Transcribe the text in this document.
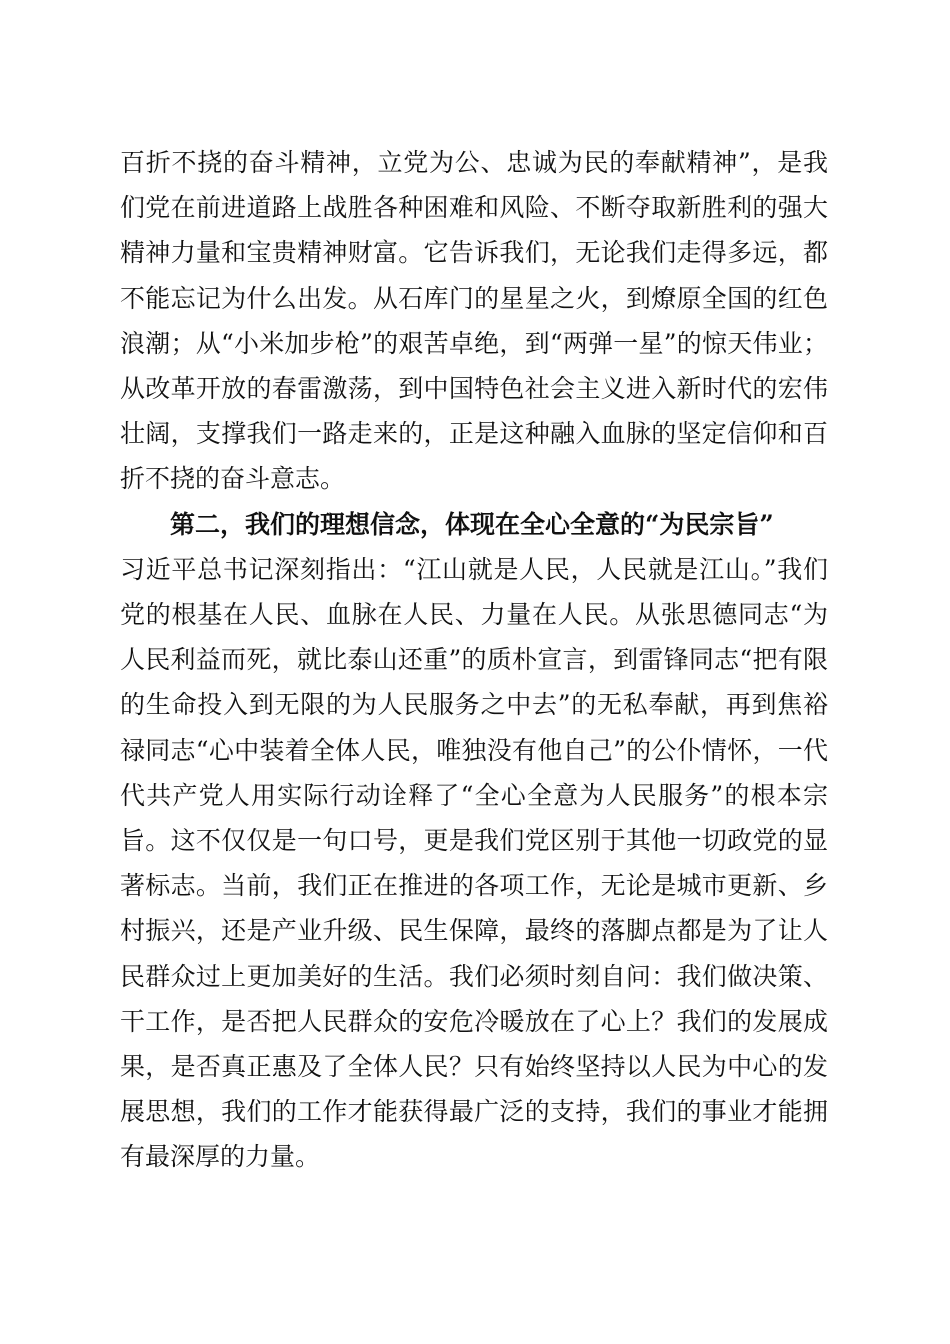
百折不挠的奋斗精神，立党为公、忠诚为民的奉献精神”，是我们党在前进道路上战胜各种困难和风险、不断夺取新胜利的强大精神力量和宝贵精神财富。它告诉我们，无论我们走得多远，都不能忘记为什么出发。从石库门的星星之火，到燎原全国的红色浪潮；从“小米加步枪”的艰苦卓绝，到“两弹一星”的惊天伟业；从改革开放的春雷激荡，到中国特色社会主义进入新时代的宏伟壮阔，支撑我们一路走来的，正是这种融入血脉的坚定信仰和百折不挠的奋斗意志。

第二，我们的理想信念，体现在全心全意的“为民宗旨”

习近平总书记深刻指出：“江山就是人民，人民就是江山。”我们党的根基在人民、血脉在人民、力量在人民。从张思德同志“为人民利益而死，就比泰山还重”的质朴宣言，到雷锋同志“把有限的生命投入到无限的为人民服务之中去”的无私奉献，再到焦裕禄同志“心中装着全体人民，唯独没有他自己”的公仆情怀，一代代共产党人用实际行动诠释了“全心全意为人民服务”的根本宗旨。这不仅仅是一句口号，更是我们党区别于其他一切政党的显著标志。当前，我们正在推进的各项工作，无论是城市更新、乡村振兴，还是产业升级、民生保障，最终的落脚点都是为了让人民群众过上更加美好的生活。我们必须时刻自问：我们做决策、干工作，是否把人民群众的安危冷暖放在了心上？我们的发展成果，是否真正惠及了全体人民？只有始终坚持以人民为中心的发展思想，我们的工作才能获得最广泛的支持，我们的事业才能拥有最深厚的力量。
